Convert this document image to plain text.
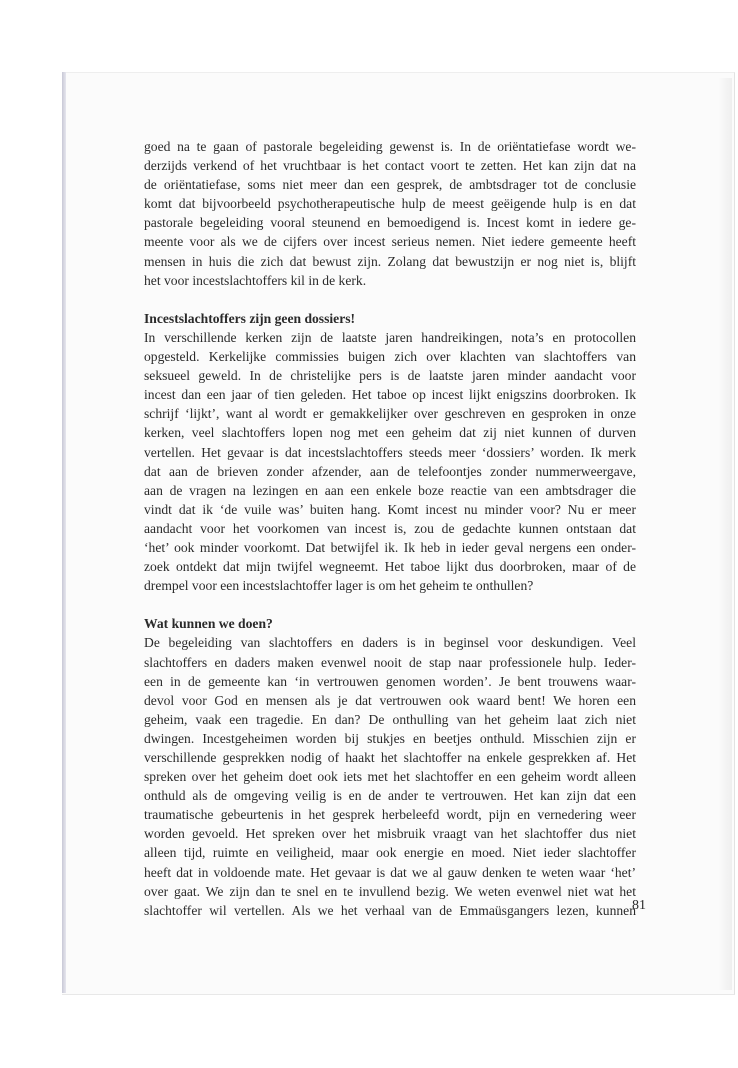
goed na te gaan of pastorale begeleiding gewenst is. In de oriëntatiefase wordt we-
derzijds verkend of het vruchtbaar is het contact voort te zetten. Het kan zijn dat na
de oriëntatiefase, soms niet meer dan een gesprek, de ambtsdrager tot de conclusie
komt dat bijvoorbeeld psychotherapeutische hulp de meest geëigende hulp is en dat
pastorale begeleiding vooral steunend en bemoedigend is. Incest komt in iedere ge-
meente voor als we de cijfers over incest serieus nemen. Niet iedere gemeente heeft
mensen in huis die zich dat bewust zijn. Zolang dat bewustzijn er nog niet is, blijft
het voor incestslachtoffers kil in de kerk.
Incestslachtoffers zijn geen dossiers!
In verschillende kerken zijn de laatste jaren handreikingen, nota’s en protocollen
opgesteld. Kerkelijke commissies buigen zich over klachten van slachtoffers van
seksueel geweld. In de christelijke pers is de laatste jaren minder aandacht voor
incest dan een jaar of tien geleden. Het taboe op incest lijkt enigszins doorbroken. Ik
schrijf ‘lijkt’, want al wordt er gemakkelijker over geschreven en gesproken in onze
kerken, veel slachtoffers lopen nog met een geheim dat zij niet kunnen of durven
vertellen. Het gevaar is dat incestslachtoffers steeds meer ‘dossiers’ worden. Ik merk
dat aan de brieven zonder afzender, aan de telefoontjes zonder nummerweergave,
aan de vragen na lezingen en aan een enkele boze reactie van een ambtsdrager die
vindt dat ik ‘de vuile was’ buiten hang. Komt incest nu minder voor? Nu er meer
aandacht voor het voorkomen van incest is, zou de gedachte kunnen ontstaan dat
‘het’ ook minder voorkomt. Dat betwijfel ik. Ik heb in ieder geval nergens een onder-
zoek ontdekt dat mijn twijfel wegneemt. Het taboe lijkt dus doorbroken, maar of de
drempel voor een incestslachtoffer lager is om het geheim te onthullen?
Wat kunnen we doen?
De begeleiding van slachtoffers en daders is in beginsel voor deskundigen. Veel
slachtoffers en daders maken evenwel nooit de stap naar professionele hulp. Ieder-
een in de gemeente kan ‘in vertrouwen genomen worden’. Je bent trouwens waar-
devol voor God en mensen als je dat vertrouwen ook waard bent! We horen een
geheim, vaak een tragedie. En dan? De onthulling van het geheim laat zich niet
dwingen. Incestgeheimen worden bij stukjes en beetjes onthuld. Misschien zijn er
verschillende gesprekken nodig of haakt het slachtoffer na enkele gesprekken af. Het
spreken over het geheim doet ook iets met het slachtoffer en een geheim wordt alleen
onthuld als de omgeving veilig is en de ander te vertrouwen. Het kan zijn dat een
traumatische gebeurtenis in het gesprek herbeleefd wordt, pijn en vernedering weer
worden gevoeld. Het spreken over het misbruik vraagt van het slachtoffer dus niet
alleen tijd, ruimte en veiligheid, maar ook energie en moed. Niet ieder slachtoffer
heeft dat in voldoende mate. Het gevaar is dat we al gauw denken te weten waar ‘het’
over gaat. We zijn dan te snel en te invullend bezig. We weten evenwel niet wat het
slachtoffer wil vertellen. Als we het verhaal van de Emmaüsgangers lezen, kunnen
81
